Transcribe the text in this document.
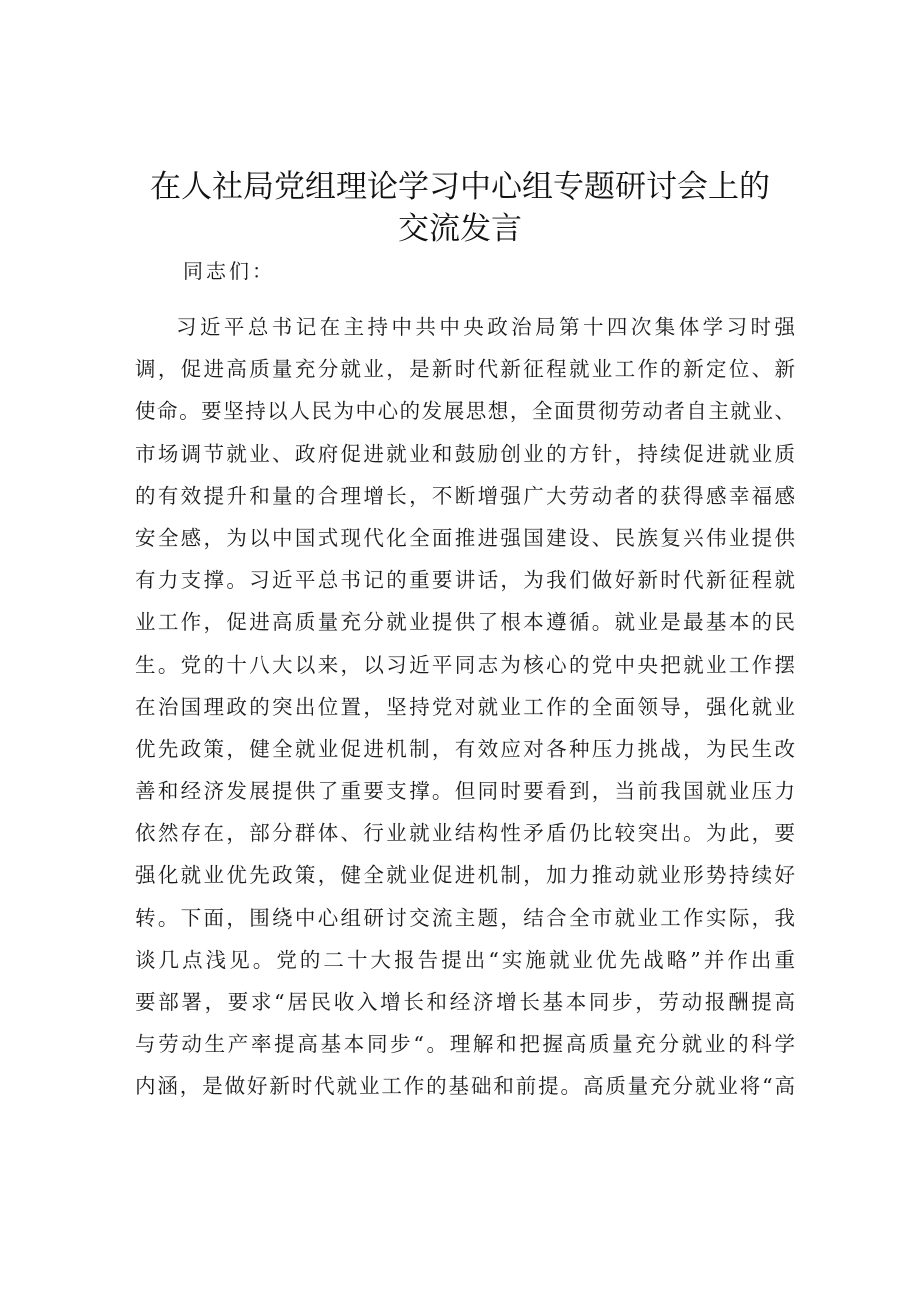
在人社局党组理论学习中心组专题研讨会上的
交流发言
同志们：
习近平总书记在主持中共中央政治局第十四次集体学习时强
调，促进高质量充分就业，是新时代新征程就业工作的新定位、新
使命。要坚持以人民为中心的发展思想，全面贯彻劳动者自主就业、
市场调节就业、政府促进就业和鼓励创业的方针，持续促进就业质
的有效提升和量的合理增长，不断增强广大劳动者的获得感幸福感
安全感，为以中国式现代化全面推进强国建设、民族复兴伟业提供
有力支撑。习近平总书记的重要讲话，为我们做好新时代新征程就
业工作，促进高质量充分就业提供了根本遵循。就业是最基本的民
生。党的十八大以来，以习近平同志为核心的党中央把就业工作摆
在治国理政的突出位置，坚持党对就业工作的全面领导，强化就业
优先政策，健全就业促进机制，有效应对各种压力挑战，为民生改
善和经济发展提供了重要支撑。但同时要看到，当前我国就业压力
依然存在，部分群体、行业就业结构性矛盾仍比较突出。为此，要
强化就业优先政策，健全就业促进机制，加力推动就业形势持续好
转。下面，围绕中心组研讨交流主题，结合全市就业工作实际，我
谈几点浅见。党的二十大报告提出“实施就业优先战略”并作出重
要部署，要求“居民收入增长和经济增长基本同步，劳动报酬提高
与劳动生产率提高基本同步“。理解和把握高质量充分就业的科学
内涵，是做好新时代就业工作的基础和前提。高质量充分就业将“高
